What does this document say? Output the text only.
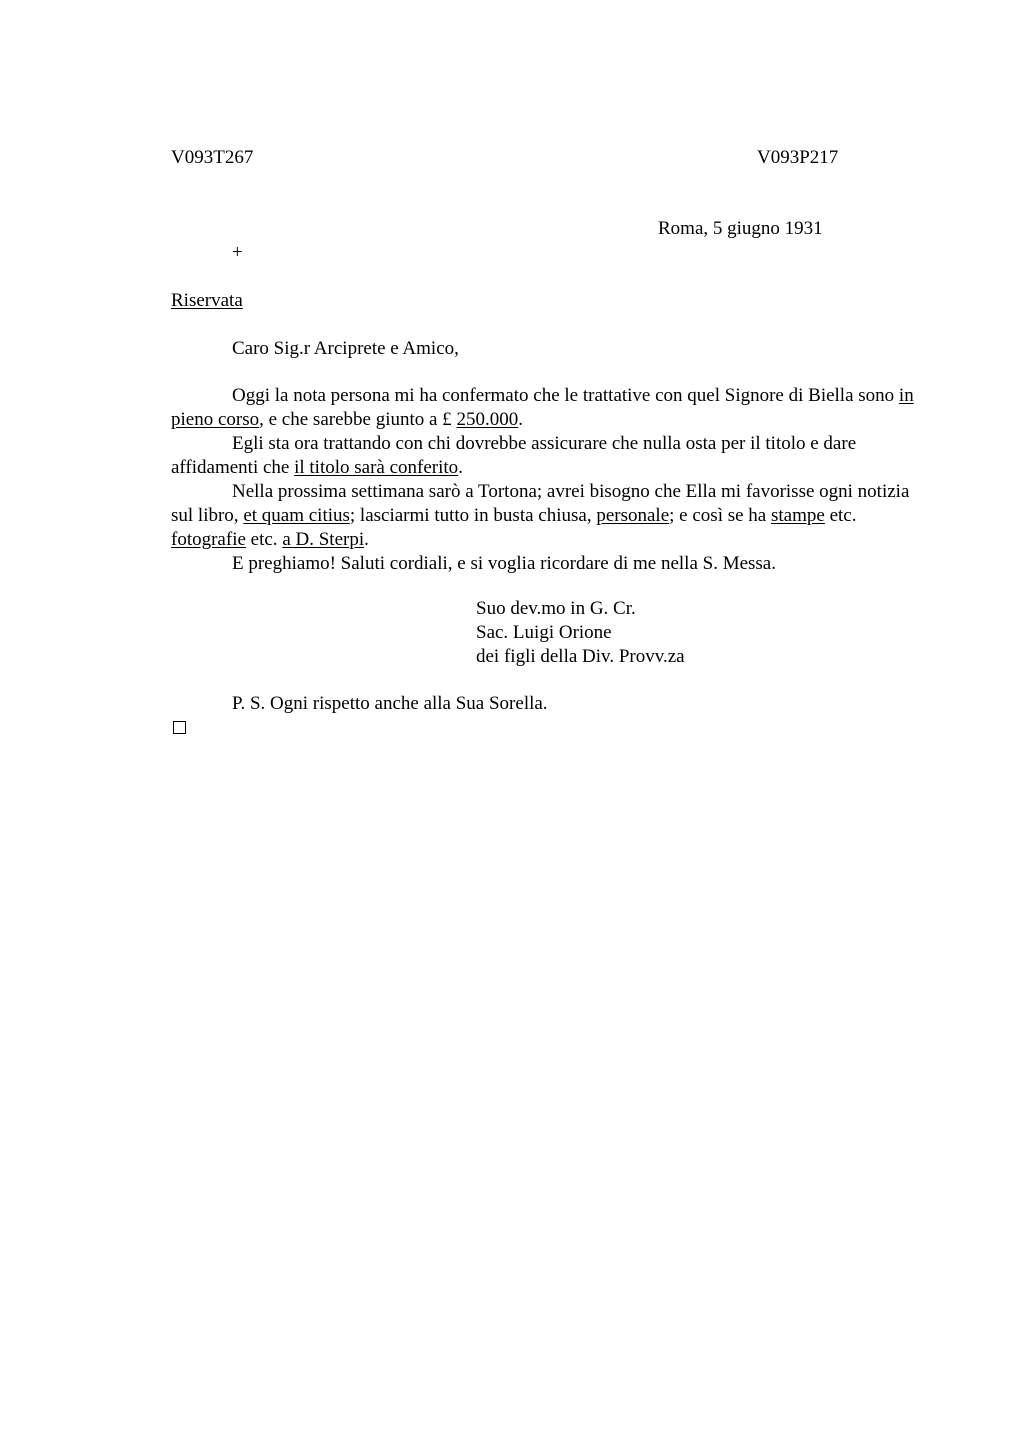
V093T267	V093P217
Roma, 5 giugno 1931
+
Riservata
Caro Sig.r Arciprete e Amico,

Oggi la nota persona mi ha confermato che le trattative con quel Signore di Biella sono in pieno corso, e che sarebbe giunto a £ 250.000.

Egli sta ora trattando con chi dovrebbe assicurare che nulla osta per il titolo e dare affidamenti che il titolo sarà conferito.

Nella prossima settimana sarò a Tortona; avrei bisogno che Ella mi favorisse ogni notizia sul libro, et quam citius; lasciarmi tutto in busta chiusa, personale; e così se ha stampe etc. fotografie etc. a D. Sterpi.

E preghiamo! Saluti cordiali, e si voglia ricordare di me nella S. Messa.

Suo dev.mo in G. Cr.
Sac. Luigi Orione
dei figli della Div. Provv.za
P. S. Ogni rispetto anche alla Sua Sorella.
